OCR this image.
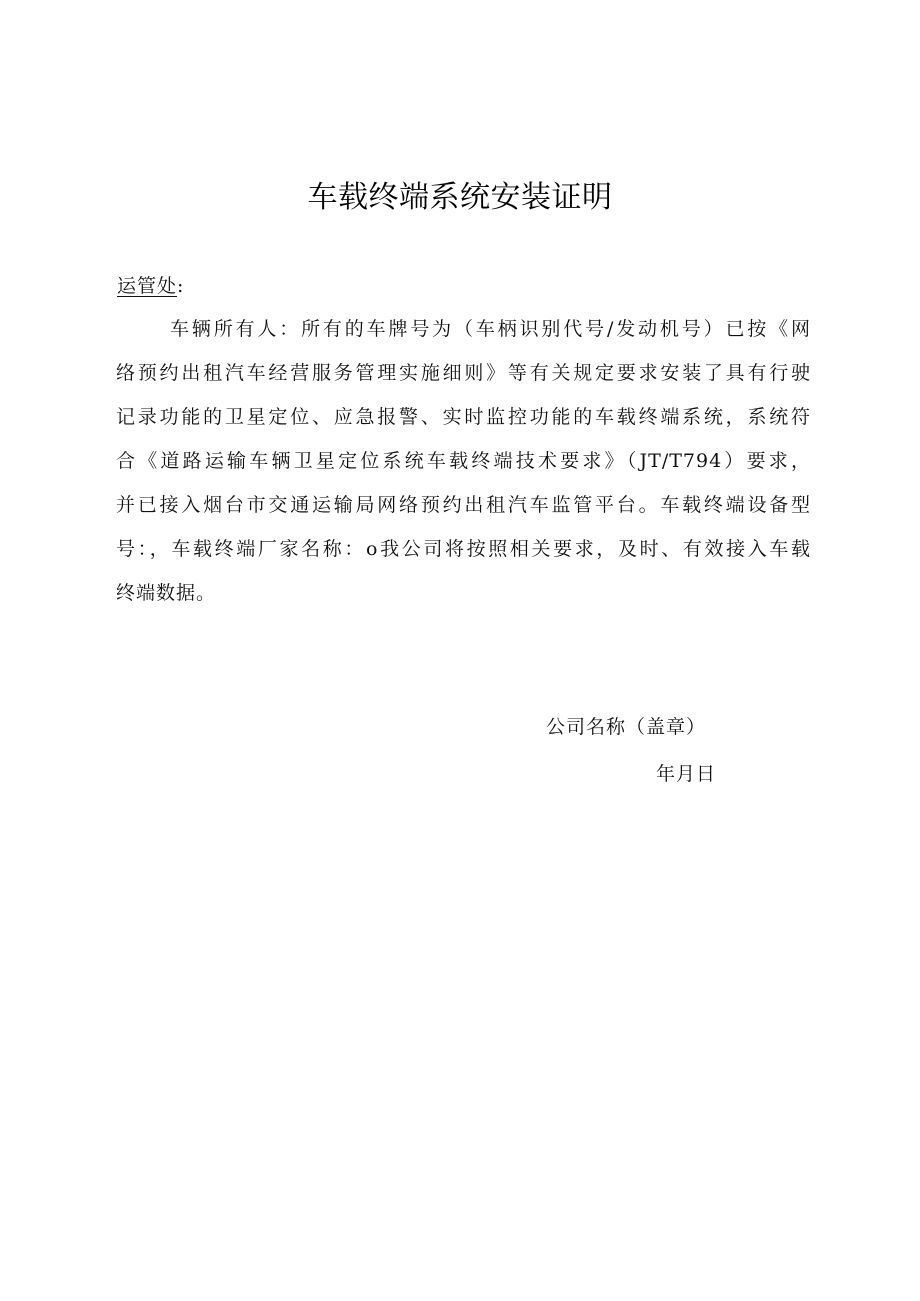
车载终端系统安装证明
运管处:
车辆所有人：所有的车牌号为（车柄识别代号/发动机号）已按《网
络预约出租汽车经营服务管理实施细则》等有关规定要求安装了具有行驶
记录功能的卫星定位、应急报警、实时监控功能的车载终端系统，系统符
合《道路运输车辆卫星定位系统车载终端技术要求》（JT/T794）要求，
并已接入烟台市交通运输局网络预约出租汽车监管平台。车载终端设备型
号：，车载终端厂家名称：o我公司将按照相关要求，及时、有效接入车载
终端数据。
公司名称（盖章）
年月日
